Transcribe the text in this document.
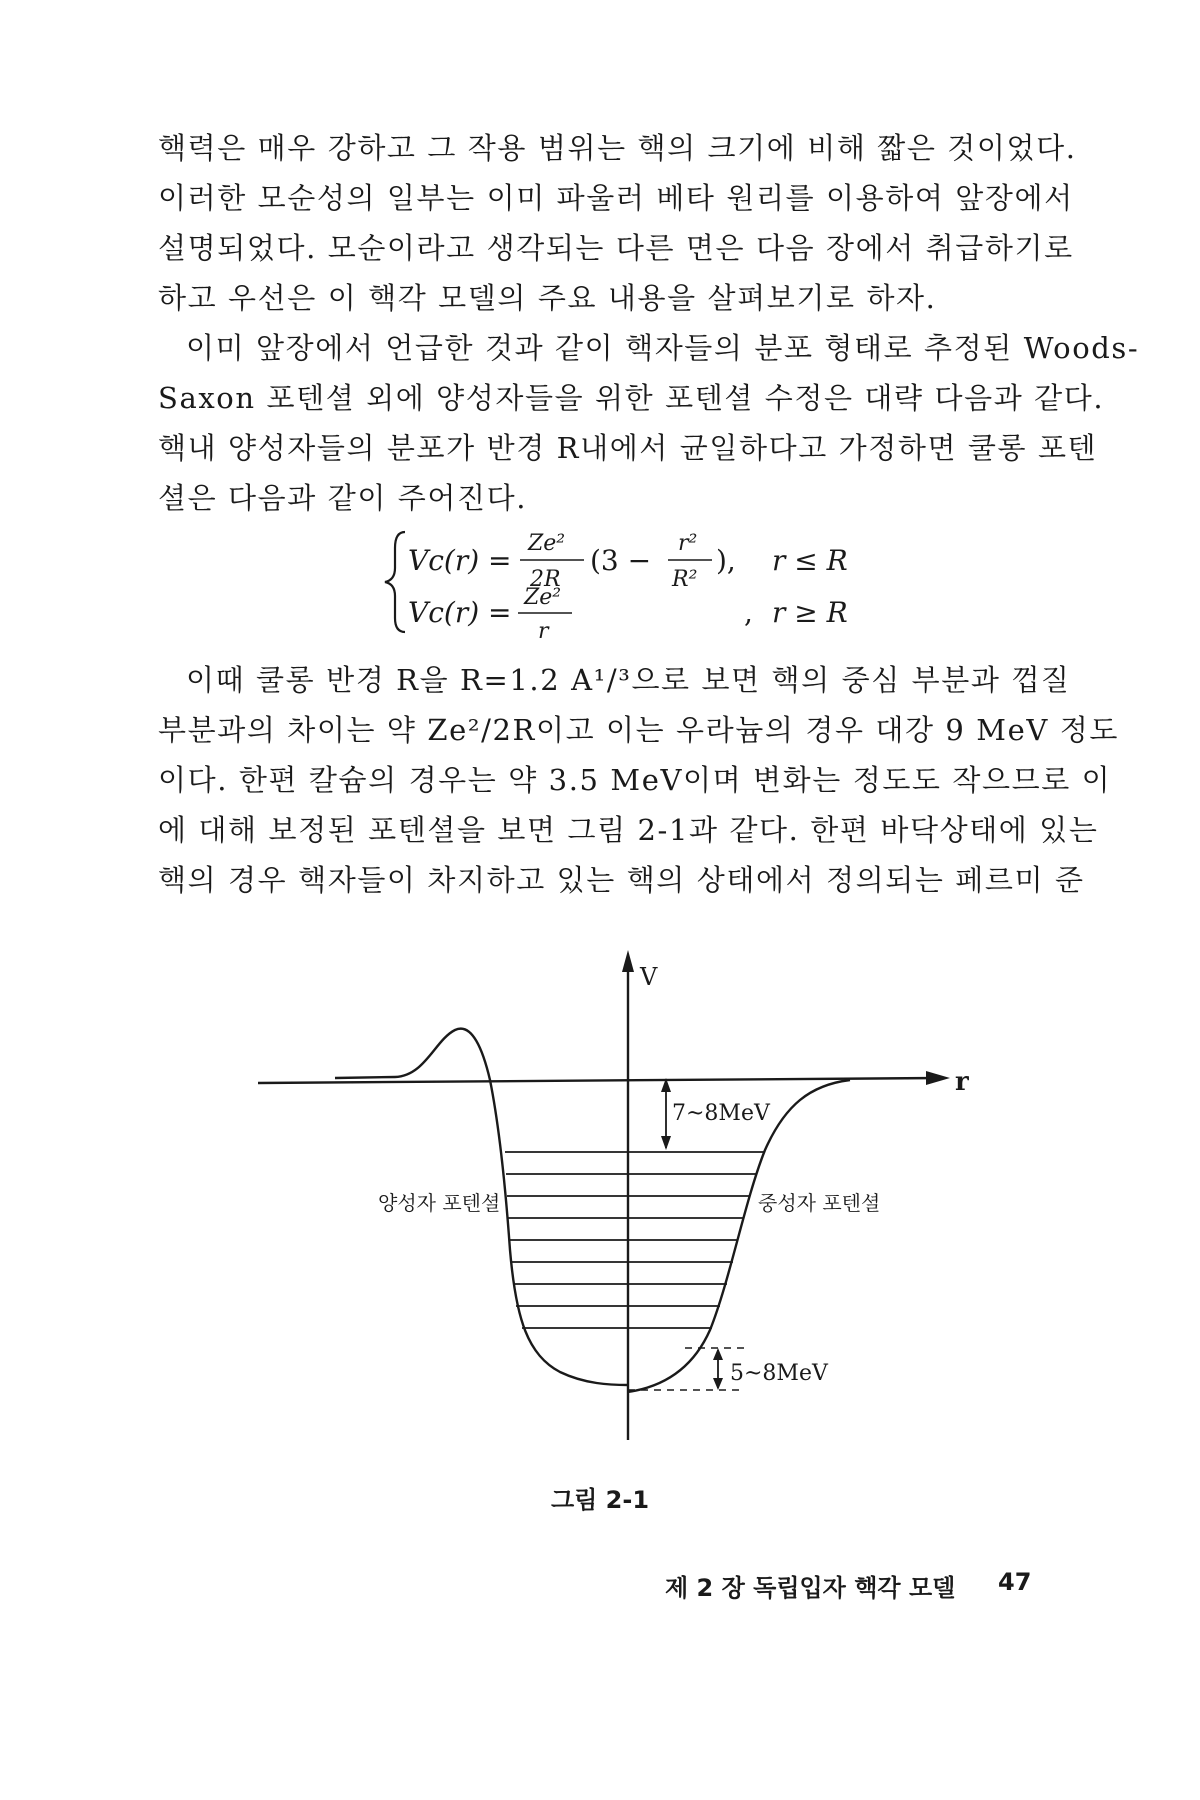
핵력은 매우 강하고 그 작용 범위는 핵의 크기에 비해 짧은 것이었다.
이러한 모순성의 일부는 이미 파울러 베타 원리를 이용하여 앞장에서
설명되었다. 모순이라고 생각되는 다른 면은 다음 장에서 취급하기로
하고 우선은 이 핵각 모델의 주요 내용을 살펴보기로 하자.
이미 앞장에서 언급한 것과 같이 핵자들의 분포 형태로 추정된 Woods-
Saxon 포텐셜 외에 양성자들을 위한 포텐셜 수정은 대략 다음과 같다.
핵내 양성자들의 분포가 반경 R내에서 균일하다고 가정하면 쿨롱 포텐
셜은 다음과 같이 주어진다.
Vc(r) =
Ze²
2R
(3 −
r²
R²
), r ≤ R
Vc(r) = Ze²
r
, r ≥ R
이때 쿨롱 반경 R을 R=1.2 A¹/³으로 보면 핵의 중심 부분과 껍질
부분과의 차이는 약 Ze²/2R이고 이는 우라늄의 경우 대강 9 MeV 정도
이다. 한편 칼슘의 경우는 약 3.5 MeV이며 변화는 정도도 작으므로 이
에 대해 보정된 포텐셜을 보면 그림 2-1과 같다. 한편 바닥상태에 있는
핵의 경우 핵자들이 차지하고 있는 핵의 상태에서 정의되는 페르미 준
V
r
7~8MeV
5~8MeV
양성자 포텐셜	중성자 포텐셜
그림 2-1
제 2 장 독립입자 핵각 모델 47
